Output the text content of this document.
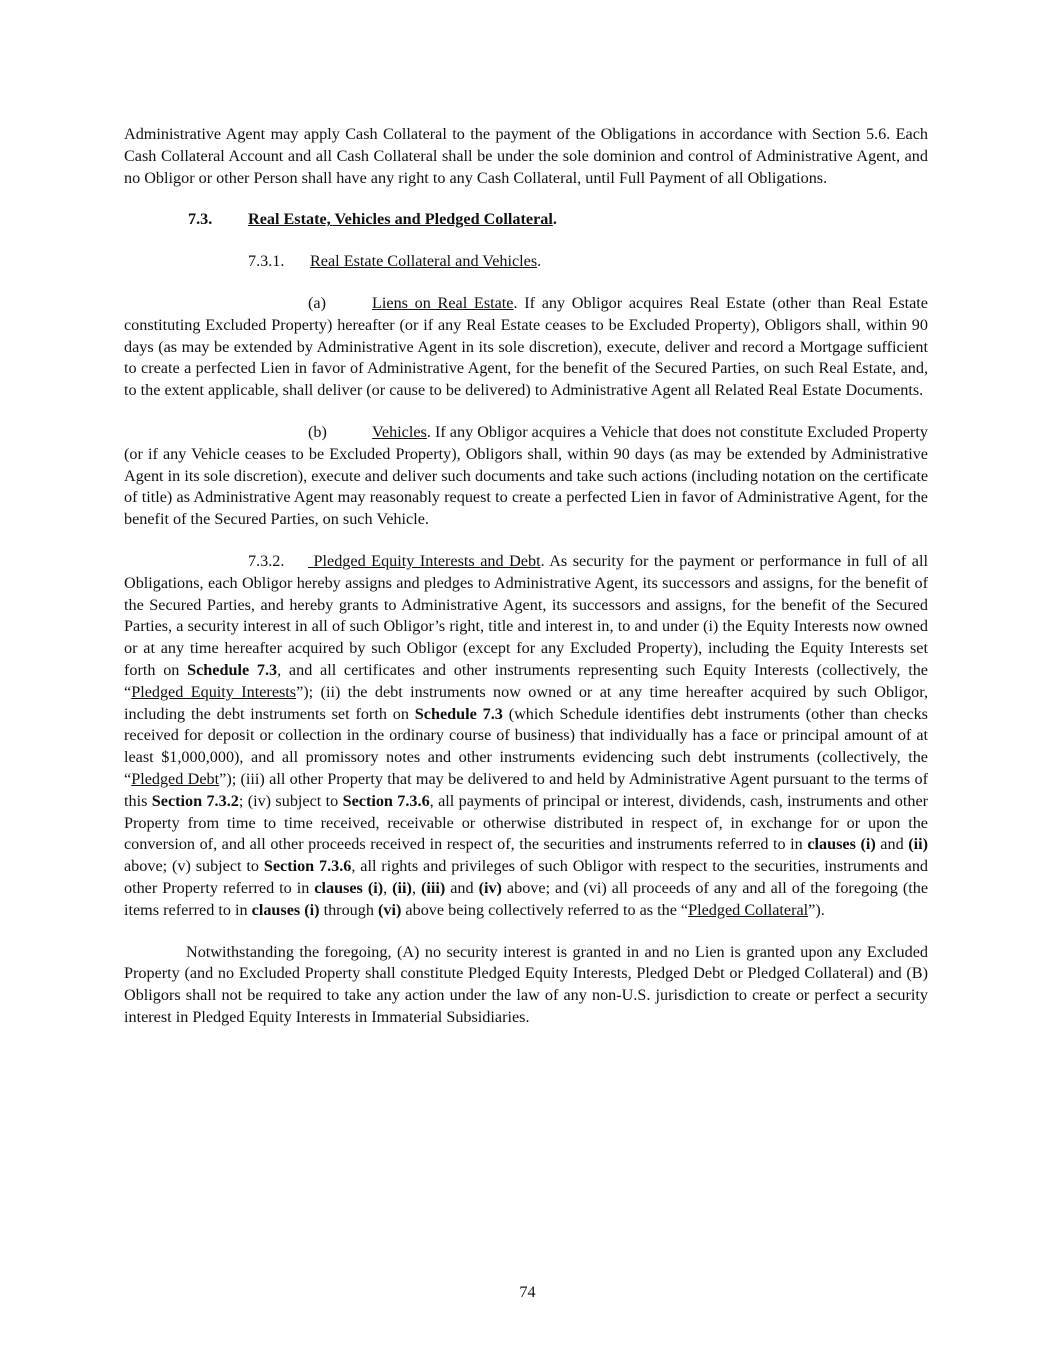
Administrative Agent may apply Cash Collateral to the payment of the Obligations in accordance with Section 5.6. Each Cash Collateral Account and all Cash Collateral shall be under the sole dominion and control of Administrative Agent, and no Obligor or other Person shall have any right to any Cash Collateral, until Full Payment of all Obligations.

7.3. Real Estate, Vehicles and Pledged Collateral.

7.3.1. Real Estate Collateral and Vehicles.

(a)	Liens on Real Estate. If any Obligor acquires Real Estate (other than Real Estate constituting Excluded Property) hereafter (or if any Real Estate ceases to be Excluded Property), Obligors shall, within 90 days (as may be extended by Administrative Agent in its sole discretion), execute, deliver and record a Mortgage sufficient to create a perfected Lien in favor of Administrative Agent, for the benefit of the Secured Parties, on such Real Estate, and, to the extent applicable, shall deliver (or cause to be delivered) to Administrative Agent all Related Real Estate Documents.

(b)	Vehicles. If any Obligor acquires a Vehicle that does not constitute Excluded Property (or if any Vehicle ceases to be Excluded Property), Obligors shall, within 90 days (as may be extended by Administrative Agent in its sole discretion), execute and deliver such documents and take such actions (including notation on the certificate of title) as Administrative Agent may reasonably request to create a perfected Lien in favor of Administrative Agent, for the benefit of the Secured Parties, on such Vehicle.

7.3.2. Pledged Equity Interests and Debt. As security for the payment or performance in full of all Obligations, each Obligor hereby assigns and pledges to Administrative Agent, its successors and assigns, for the benefit of the Secured Parties, and hereby grants to Administrative Agent, its successors and assigns, for the benefit of the Secured Parties, a security interest in all of such Obligor’s right, title and interest in, to and under (i) the Equity Interests now owned or at any time hereafter acquired by such Obligor (except for any Excluded Property), including the Equity Interests set forth on Schedule 7.3, and all certificates and other instruments representing such Equity Interests (collectively, the “Pledged Equity Interests”); (ii) the debt instruments now owned or at any time hereafter acquired by such Obligor, including the debt instruments set forth on Schedule 7.3 (which Schedule identifies debt instruments (other than checks received for deposit or collection in the ordinary course of business) that individually has a face or principal amount of at least $1,000,000), and all promissory notes and other instruments evidencing such debt instruments (collectively, the “Pledged Debt”); (iii) all other Property that may be delivered to and held by Administrative Agent pursuant to the terms of this Section 7.3.2; (iv) subject to Section 7.3.6, all payments of principal or interest, dividends, cash, instruments and other Property from time to time received, receivable or otherwise distributed in respect of, in exchange for or upon the conversion of, and all other proceeds received in respect of, the securities and instruments referred to in clauses (i) and (ii) above; (v) subject to Section 7.3.6, all rights and privileges of such Obligor with respect to the securities, instruments and other Property referred to in clauses (i), (ii), (iii) and (iv) above; and (vi) all proceeds of any and all of the foregoing (the items referred to in clauses (i) through (vi) above being collectively referred to as the “Pledged Collateral”).

Notwithstanding the foregoing, (A) no security interest is granted in and no Lien is granted upon any Excluded Property (and no Excluded Property shall constitute Pledged Equity Interests, Pledged Debt or Pledged Collateral) and (B) Obligors shall not be required to take any action under the law of any non-U.S. jurisdiction to create or perfect a security interest in Pledged Equity Interests in Immaterial Subsidiaries.

74
